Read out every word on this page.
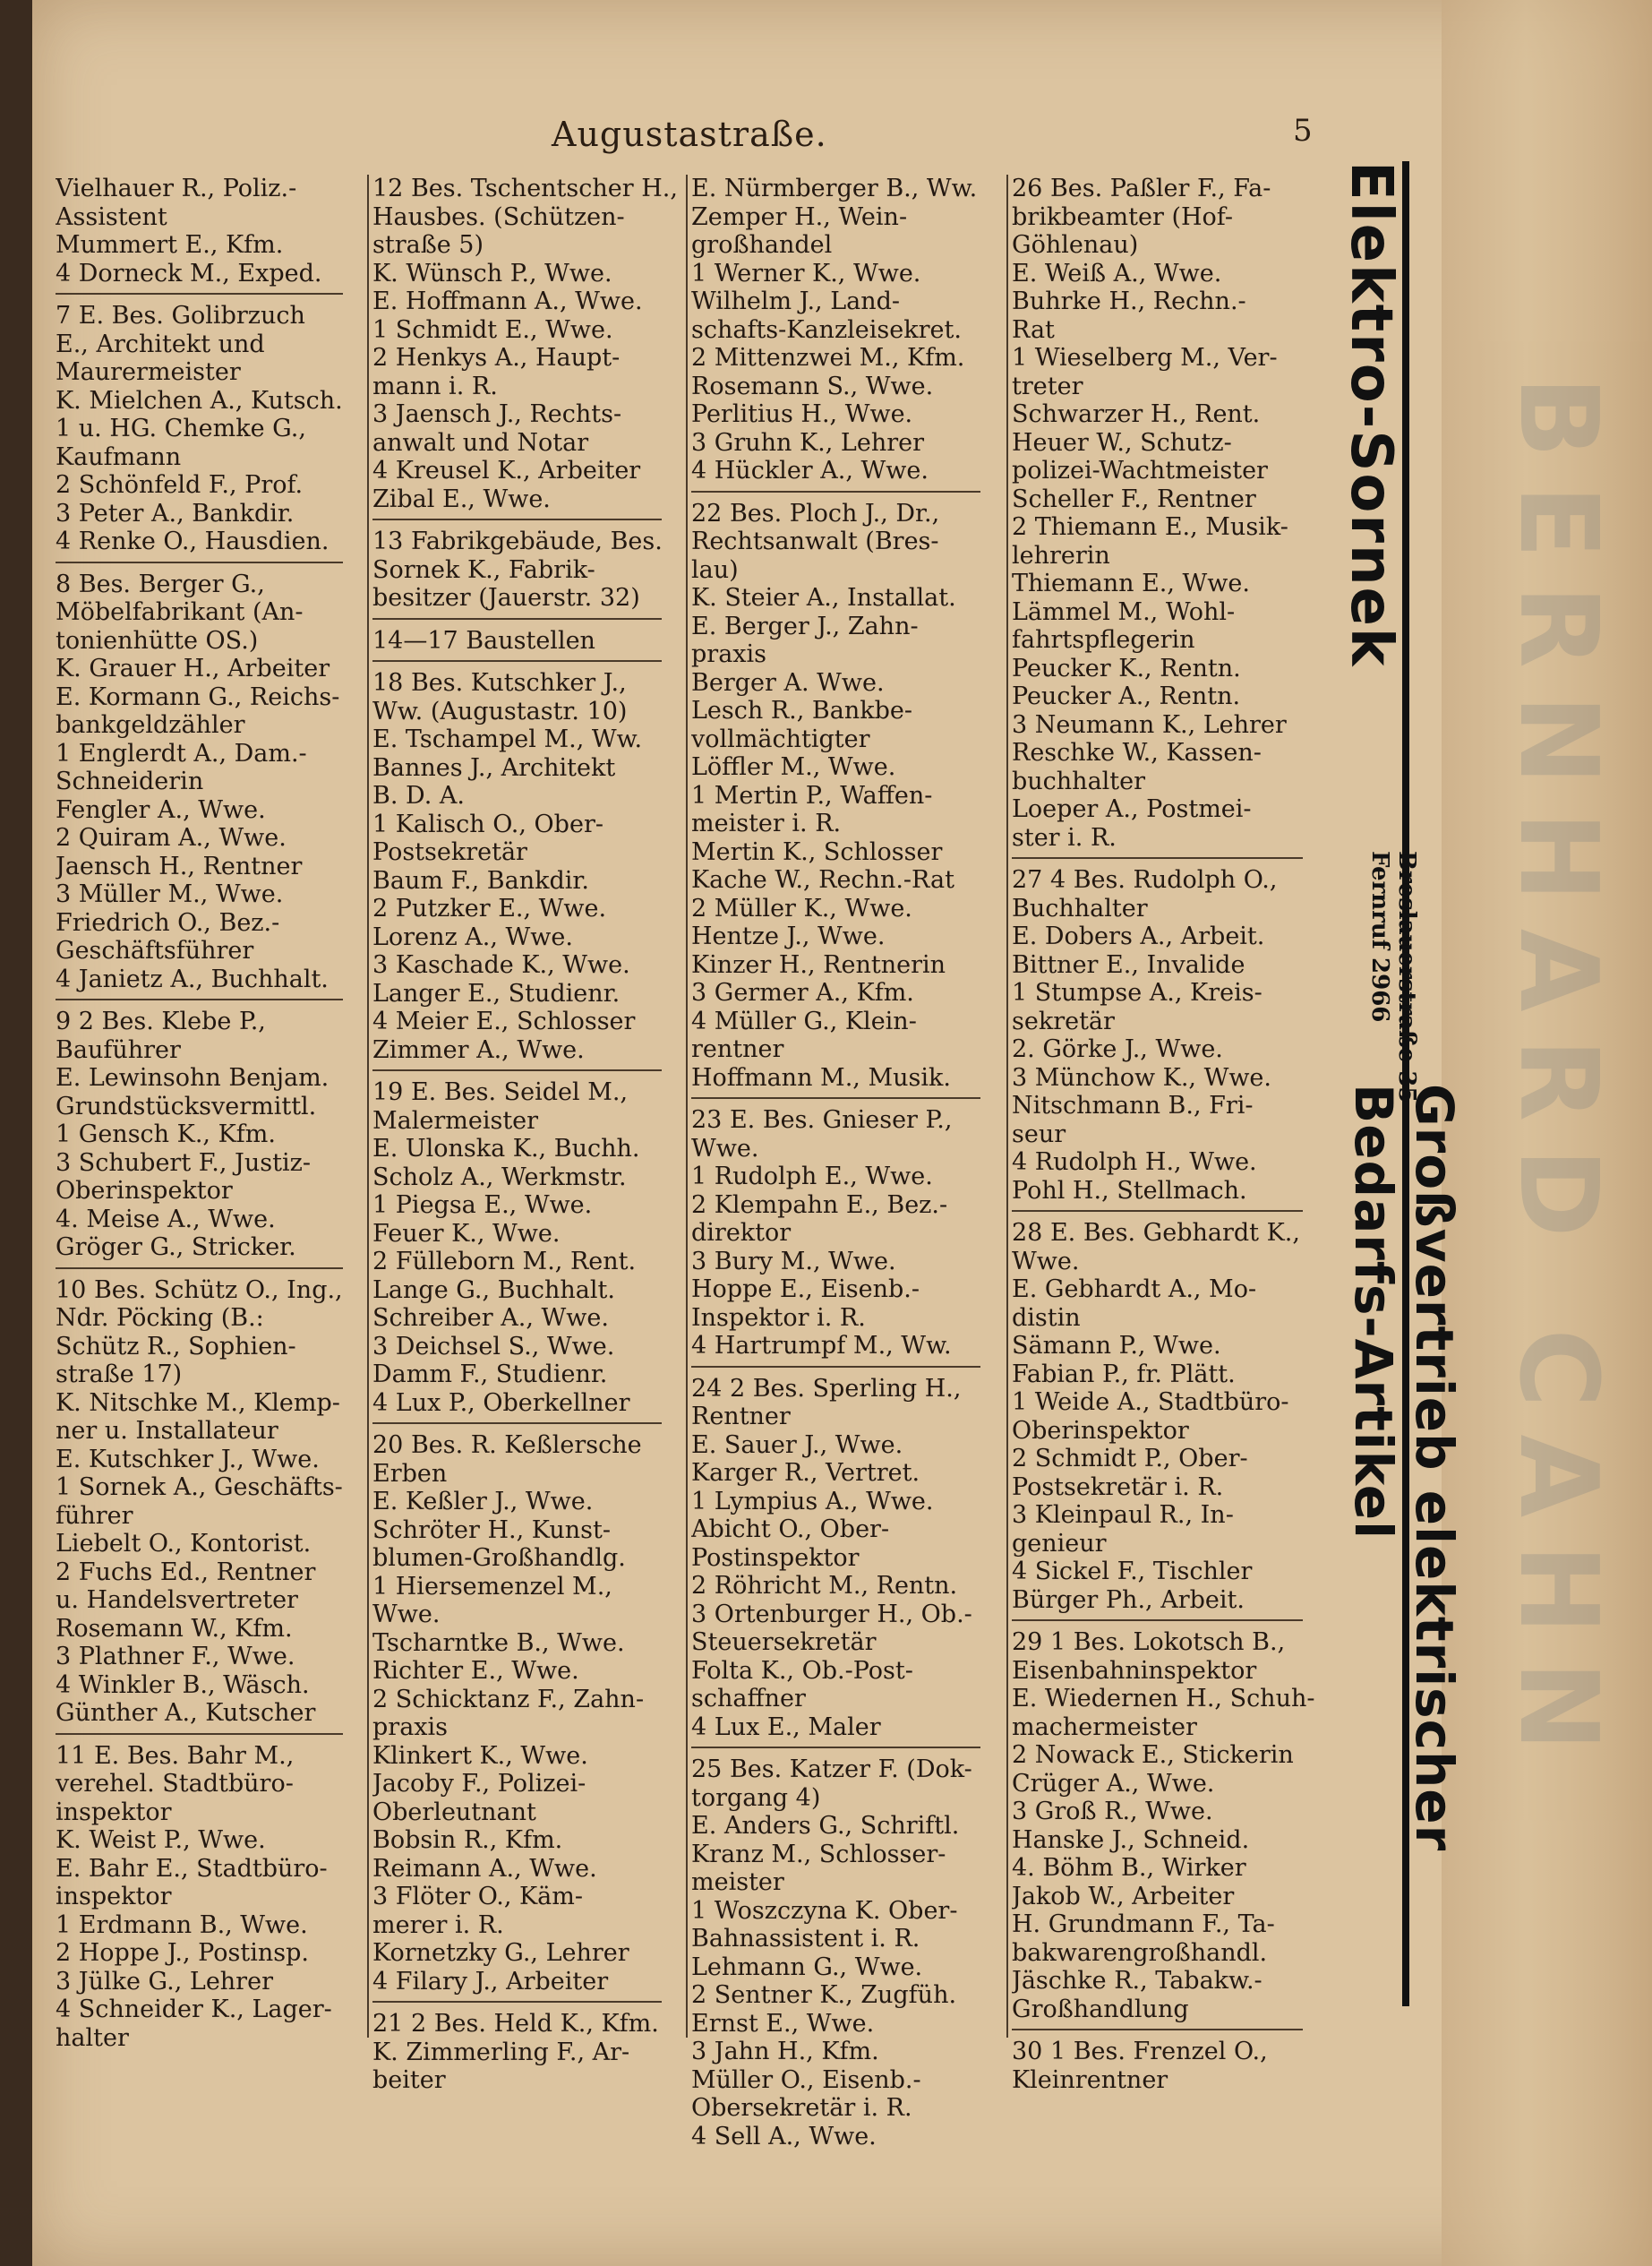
BERNHARD CAHN
Augustastraße.	5
Vielhauer R., Poliz.-
Assistent
Mummert E., Kfm.
4 Dorneck M., Exped.
7 E. Bes. Golibrzuch
E., Architekt und
Maurermeister
K. Mielchen A., Kutsch.
1 u. HG. Chemke G.,
Kaufmann
2 Schönfeld F., Prof.
3 Peter A., Bankdir.
4 Renke O., Hausdien.
8 Bes. Berger G.,
Möbelfabrikant (An-
tonienhütte OS.)
K. Grauer H., Arbeiter
E. Kormann G., Reichs-
bankgeldzähler
1 Englerdt A., Dam.-
Schneiderin
Fengler A., Wwe.
2 Quiram A., Wwe.
Jaensch H., Rentner
3 Müller M., Wwe.
Friedrich O., Bez.-
Geschäftsführer
4 Janietz A., Buchhalt.
9 2 Bes. Klebe P.,
Bauführer
E. Lewinsohn Benjam.
Grundstücksvermittl.
1 Gensch K., Kfm.
3 Schubert F., Justiz-
Oberinspektor
4. Meise A., Wwe.
Gröger G., Stricker.
10 Bes. Schütz O., Ing.,
Ndr. Pöcking (B.:
Schütz R., Sophien-
straße 17)
K. Nitschke M., Klemp-
ner u. Installateur
E. Kutschker J., Wwe.
1 Sornek A., Geschäfts-
führer
Liebelt O., Kontorist.
2 Fuchs Ed., Rentner
u. Handelsvertreter
Rosemann W., Kfm.
3 Plathner F., Wwe.
4 Winkler B., Wäsch.
Günther A., Kutscher
11 E. Bes. Bahr M.,
verehel. Stadtbüro-
inspektor
K. Weist P., Wwe.
E. Bahr E., Stadtbüro-
inspektor
1 Erdmann B., Wwe.
2 Hoppe J., Postinsp.
3 Jülke G., Lehrer
4 Schneider K., Lager-
halter
12 Bes. Tschentscher H.,
Hausbes. (Schützen-
straße 5)
K. Wünsch P., Wwe.
E. Hoffmann A., Wwe.
1 Schmidt E., Wwe.
2 Henkys A., Haupt-
mann i. R.
3 Jaensch J., Rechts-
anwalt und Notar
4 Kreusel K., Arbeiter
Zibal E., Wwe.
13 Fabrikgebäude, Bes.
Sornek K., Fabrik-
besitzer (Jauerstr. 32)
14—17 Baustellen
18 Bes. Kutschker J.,
Ww. (Augustastr. 10)
E. Tschampel M., Ww.
Bannes J., Architekt
B. D. A.
1 Kalisch O., Ober-
Postsekretär
Baum F., Bankdir.
2 Putzker E., Wwe.
Lorenz A., Wwe.
3 Kaschade K., Wwe.
Langer E., Studienr.
4 Meier E., Schlosser
Zimmer A., Wwe.
19 E. Bes. Seidel M.,
Malermeister
E. Ulonska K., Buchh.
Scholz A., Werkmstr.
1 Piegsa E., Wwe.
Feuer K., Wwe.
2 Fülleborn M., Rent.
Lange G., Buchhalt.
Schreiber A., Wwe.
3 Deichsel S., Wwe.
Damm F., Studienr.
4 Lux P., Oberkellner
20 Bes. R. Keßlersche
Erben
E. Keßler J., Wwe.
Schröter H., Kunst-
blumen-Großhandlg.
1 Hiersemenzel M.,
Wwe.
Tscharntke B., Wwe.
Richter E., Wwe.
2 Schicktanz F., Zahn-
praxis
Klinkert K., Wwe.
Jacoby F., Polizei-
Oberleutnant
Bobsin R., Kfm.
Reimann A., Wwe.
3 Flöter O., Käm-
merer i. R.
Kornetzky G., Lehrer
4 Filary J., Arbeiter
21 2 Bes. Held K., Kfm.
K. Zimmerling F., Ar-
beiter
E. Nürmberger B., Ww.
Zemper H., Wein-
großhandel
1 Werner K., Wwe.
Wilhelm J., Land-
schafts-Kanzleisekret.
2 Mittenzwei M., Kfm.
Rosemann S., Wwe.
Perlitius H., Wwe.
3 Gruhn K., Lehrer
4 Hückler A., Wwe.
22 Bes. Ploch J., Dr.,
Rechtsanwalt (Bres-
lau)
K. Steier A., Installat.
E. Berger J., Zahn-
praxis
Berger A. Wwe.
Lesch R., Bankbe-
vollmächtigter
Löffler M., Wwe.
1 Mertin P., Waffen-
meister i. R.
Mertin K., Schlosser
Kache W., Rechn.-Rat
2 Müller K., Wwe.
Hentze J., Wwe.
Kinzer H., Rentnerin
3 Germer A., Kfm.
4 Müller G., Klein-
rentner
Hoffmann M., Musik.
23 E. Bes. Gnieser P.,
Wwe.
1 Rudolph E., Wwe.
2 Klempahn E., Bez.-
direktor
3 Bury M., Wwe.
Hoppe E., Eisenb.-
Inspektor i. R.
4 Hartrumpf M., Ww.
24 2 Bes. Sperling H.,
Rentner
E. Sauer J., Wwe.
Karger R., Vertret.
1 Lympius A., Wwe.
Abicht O., Ober-
Postinspektor
2 Röhricht M., Rentn.
3 Ortenburger H., Ob.-
Steuersekretär
Folta K., Ob.-Post-
schaffner
4 Lux E., Maler
25 Bes. Katzer F. (Dok-
torgang 4)
E. Anders G., Schriftl.
Kranz M., Schlosser-
meister
1 Woszczyna K. Ober-
Bahnassistent i. R.
Lehmann G., Wwe.
2 Sentner K., Zugfüh.
Ernst E., Wwe.
3 Jahn H., Kfm.
Müller O., Eisenb.-
Obersekretär i. R.
4 Sell A., Wwe.
26 Bes. Paßler F., Fa-
brikbeamter (Hof-
Göhlenau)
E. Weiß A., Wwe.
Buhrke H., Rechn.-
Rat
1 Wieselberg M., Ver-
treter
Schwarzer H., Rent.
Heuer W., Schutz-
polizei-Wachtmeister
Scheller F., Rentner
2 Thiemann E., Musik-
lehrerin
Thiemann E., Wwe.
Lämmel M., Wohl-
fahrtspflegerin
Peucker K., Rentn.
Peucker A., Rentn.
3 Neumann K., Lehrer
Reschke W., Kassen-
buchhalter
Loeper A., Postmei-
ster i. R.
27 4 Bes. Rudolph O.,
Buchhalter
E. Dobers A., Arbeit.
Bittner E., Invalide
1 Stumpse A., Kreis-
sekretär
2. Görke J., Wwe.
3 Münchow K., Wwe.
Nitschmann B., Fri-
seur
4 Rudolph H., Wwe.
Pohl H., Stellmach.
28 E. Bes. Gebhardt K.,
Wwe.
E. Gebhardt A., Mo-
distin
Sämann P., Wwe.
Fabian P., fr. Plätt.
1 Weide A., Stadtbüro-
Oberinspektor
2 Schmidt P., Ober-
Postsekretär i. R.
3 Kleinpaul R., In-
genieur
4 Sickel F., Tischler
Bürger Ph., Arbeit.
29 1 Bes. Lokotsch B.,
Eisenbahninspektor
E. Wiedernen H., Schuh-
machermeister
2 Nowack E., Stickerin
Crüger A., Wwe.
3 Groß R., Wwe.
Hanske J., Schneid.
4. Böhm B., Wirker
Jakob W., Arbeiter
H. Grundmann F., Ta-
bakwarengroßhandl.
Jäschke R., Tabakw.-
Großhandlung
30 1 Bes. Frenzel O.,
Kleinrentner
Elektro-Sornek
Breslauerstraße 35
Fernruf 2966
Großvertrieb elektrischer Bedarfs-Artikel
